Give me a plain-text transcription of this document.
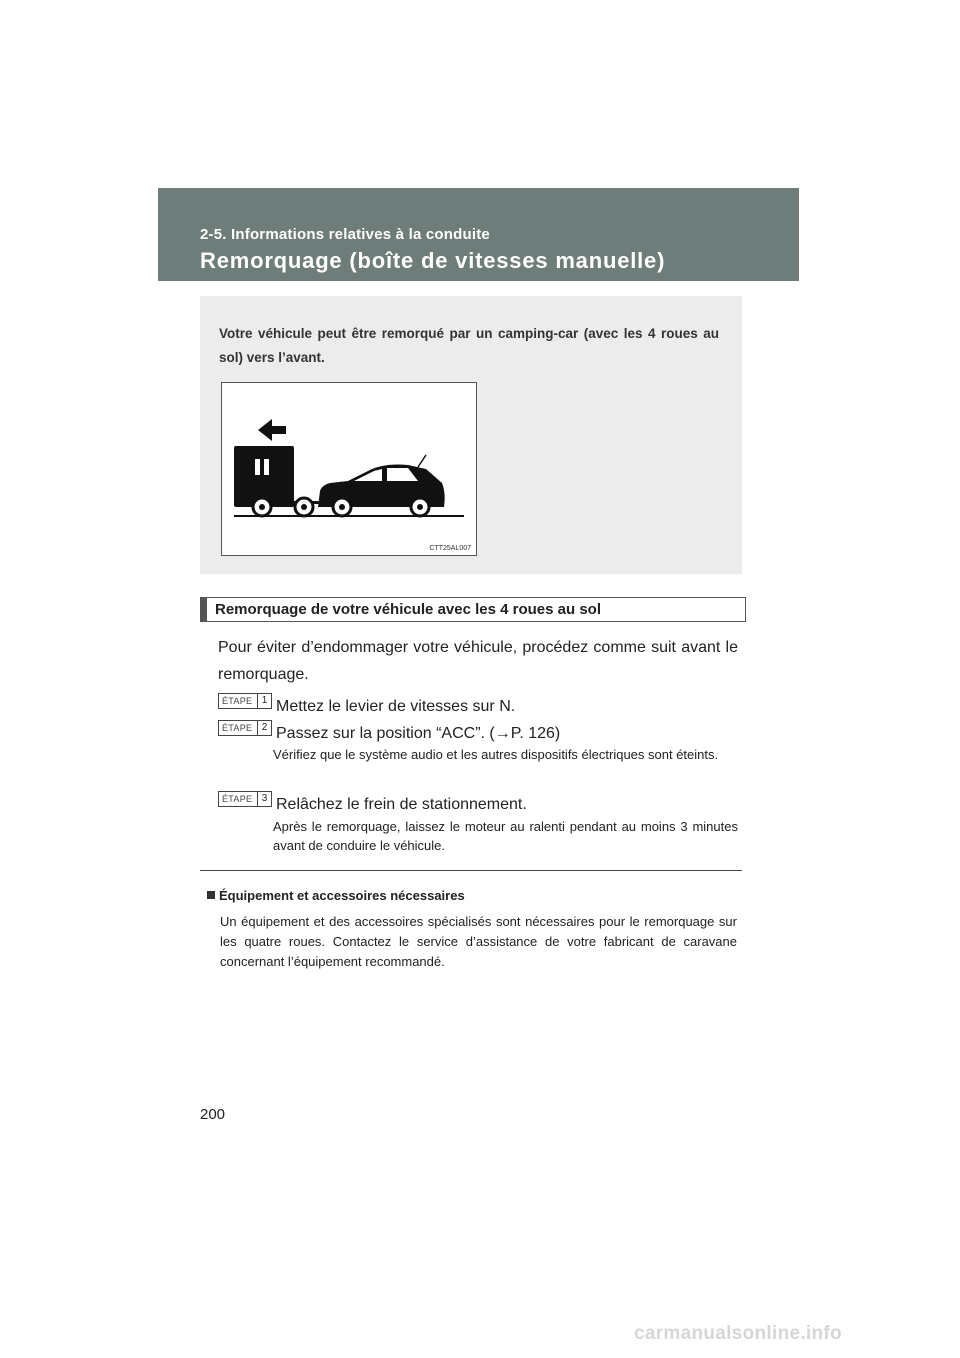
2-5. Informations relatives à la conduite
Remorquage (boîte de vitesses manuelle)
Votre véhicule peut être remorqué par un camping-car (avec les 4 roues au sol) vers l’avant.
CTT25AL007
Remorquage de votre véhicule avec les 4 roues au sol
Pour éviter d’endommager votre véhicule, procédez comme suit avant le remorquage.
ÉTAPE 1 Mettez le levier de vitesses sur N.
ÉTAPE 2 Passez sur la position “ACC”. (→P. 126)
Vérifiez que le système audio et les autres dispositifs électriques sont éteints.
ÉTAPE 3 Relâchez le frein de stationnement.
Après le remorquage, laissez le moteur au ralenti pendant au moins 3 minutes avant de conduire le véhicule.
Équipement et accessoires nécessaires
Un équipement et des accessoires spécialisés sont nécessaires pour le remorquage sur les quatre roues. Contactez le service d’assistance de votre fabricant de caravane concernant l’équipement recommandé.
200
carmanualsonline.info
